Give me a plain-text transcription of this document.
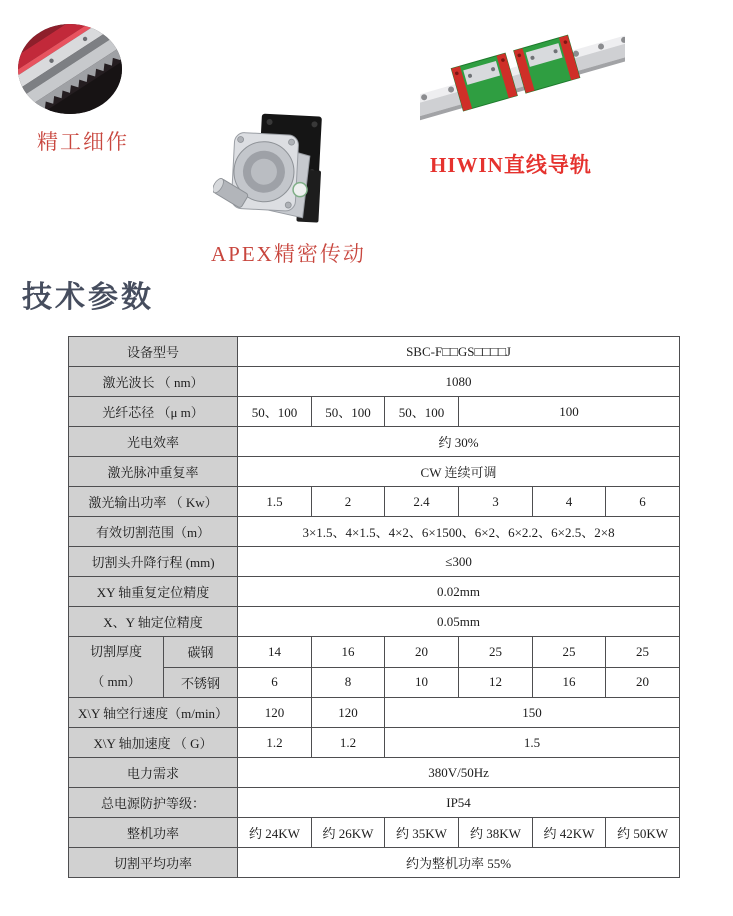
精工细作
APEX精密传动
HIWIN直线导轨
技术参数
设备型号		SBC-F□□GS□□□□J					
激光波长 （ nm）		1080					
光纤芯径 （μ m）		50、100	50、100	50、100	100		
光电效率		约 30%					
激光脉冲重复率		CW 连续可调					
激光输出功率 （ Kw）		1.5	2	2.4	3	4	6
有效切割范围（m）		3×1.5、4×1.5、4×2、6×1500、6×2、6×2.2、6×2.5、2×8					
切割头升降行程 (mm)		≤300					
XY 轴重复定位精度		0.02mm					
X、Y 轴定位精度		0.05mm					

切割厚度
（ mm）	碳钢	14	16	20	25	25	25
	不锈钢	6	8	10	12	16	20
X\Y 轴空行速度（m/min）		120	120	150			
X\Y 轴加速度 （ G）		1.2	1.2	1.5			
电力需求		380V/50Hz					
总电源防护等级：		IP54					
整机功率		约 24KW	约 26KW	约 35KW	约 38KW	约 42KW	约 50KW
切割平均功率		约为整机功率 55%					
